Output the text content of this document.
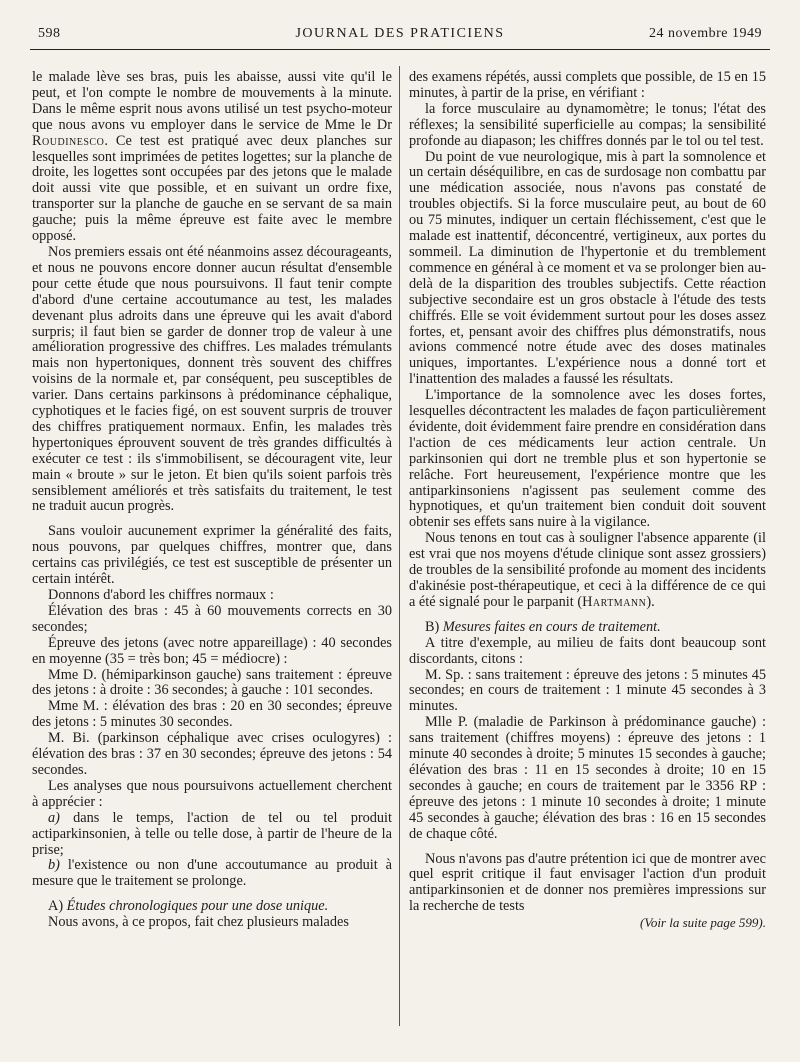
598	JOURNAL DES PRATICIENS	24 novembre 1949

le malade lève ses bras, puis les abaisse, aussi vite qu'il le peut, et l'on compte le nombre de mouvements à la minute. Dans le même esprit nous avons utilisé un test psycho-moteur que nous avons vu employer dans le service de Mme le Dr Roudinesco. Ce test est pratiqué avec deux planches sur lesquelles sont imprimées de petites logettes; sur la planche de droite, les logettes sont occupées par des jetons que le malade doit aussi vite que possible, et en suivant un ordre fixe, transporter sur la planche de gauche en se servant de sa main gauche; puis la même épreuve est faite avec le membre opposé.

Nos premiers essais ont été néanmoins assez décourageants, et nous ne pouvons encore donner aucun résultat d'ensemble pour cette étude que nous poursuivons. Il faut tenir compte d'abord d'une certaine accoutumance au test, les malades devenant plus adroits dans une épreuve qui les avait d'abord surpris; il faut bien se garder de donner trop de valeur à une amélioration progressive des chiffres. Les malades trémulants mais non hypertoniques, donnent très souvent des chiffres voisins de la normale et, par conséquent, peu susceptibles de varier. Dans certains parkinsons à prédominance céphalique, cyphotiques et le facies figé, on est souvent surpris de trouver des chiffres pratiquement normaux. Enfin, les malades très hypertoniques éprouvent souvent de très grandes difficultés à exécuter ce test : ils s'immobilisent, se découragent vite, leur main « broute » sur le jeton. Et bien qu'ils soient parfois très sensiblement améliorés et très satisfaits du traitement, le test ne traduit aucun progrès.

Sans vouloir aucunement exprimer la généralité des faits, nous pouvons, par quelques chiffres, montrer que, dans certains cas privilégiés, ce test est susceptible de présenter un certain intérêt.

Donnons d'abord les chiffres normaux :

Élévation des bras : 45 à 60 mouvements corrects en 30 secondes;

Épreuve des jetons (avec notre appareillage) : 40 secondes en moyenne (35 = très bon; 45 = médiocre) :

Mme D. (hémiparkinson gauche) sans traitement : épreuve des jetons : à droite : 36 secondes; à gauche : 101 secondes.

Mme M. : élévation des bras : 20 en 30 secondes; épreuve des jetons : 5 minutes 30 secondes.

M. Bi. (parkinson céphalique avec crises oculogyres) : élévation des bras : 37 en 30 secondes; épreuve des jetons : 54 secondes.

Les analyses que nous poursuivons actuellement cherchent à apprécier :

a) dans le temps, l'action de tel ou tel produit actiparkinsonien, à telle ou telle dose, à partir de l'heure de la prise;

b) l'existence ou non d'une accoutumance au produit à mesure que le traitement se prolonge.

A) Études chronologiques pour une dose unique.

Nous avons, à ce propos, fait chez plusieurs malades

des examens répétés, aussi complets que possible, de 15 en 15 minutes, à partir de la prise, en vérifiant :

la force musculaire au dynamomètre; le tonus; l'état des réflexes; la sensibilité superficielle au compas; la sensibilité profonde au diapason; les chiffres donnés par le tol ou tel test.

Du point de vue neurologique, mis à part la somnolence et un certain déséquilibre, en cas de surdosage non combattu par une médication associée, nous n'avons pas constaté de troubles objectifs. Si la force musculaire peut, au bout de 60 ou 75 minutes, indiquer un certain fléchissement, c'est que le malade est inattentif, déconcentré, vertigineux, aux portes du sommeil. La diminution de l'hypertonie et du tremblement commence en général à ce moment et va se prolonger bien au-delà de la disparition des troubles subjectifs. Cette réaction subjective secondaire est un gros obstacle à l'étude des tests chiffrés. Elle se voit évidemment surtout pour les doses assez fortes, et, pensant avoir des chiffres plus démonstratifs, nous avions commencé notre étude avec des doses matinales uniques, importantes. L'expérience nous a donné tort et l'inattention des malades a faussé les résultats.

L'importance de la somnolence avec les doses fortes, lesquelles décontractent les malades de façon particulièrement évidente, doit évidemment faire prendre en considération dans l'action de ces médicaments leur action centrale. Un parkinsonien qui dort ne tremble plus et son hypertonie se relâche. Fort heureusement, l'expérience montre que les antiparkinsoniens n'agissent pas seulement comme des hypnotiques, et qu'un traitement bien conduit doit souvent obtenir ses effets sans nuire à la vigilance.

Nous tenons en tout cas à souligner l'absence apparente (il est vrai que nos moyens d'étude clinique sont assez grossiers) de troubles de la sensibilité profonde au moment des incidents d'akinésie post-thérapeutique, et ceci à la différence de ce qui a été signalé pour le parpanit (Hartmann).

B) Mesures faites en cours de traitement.

A titre d'exemple, au milieu de faits dont beaucoup sont discordants, citons :

M. Sp. : sans traitement : épreuve des jetons : 5 minutes 45 secondes; en cours de traitement : 1 minute 45 secondes à 3 minutes.

Mlle P. (maladie de Parkinson à prédominance gauche) : sans traitement (chiffres moyens) : épreuve des jetons : 1 minute 40 secondes à droite; 5 minutes 15 secondes à gauche; élévation des bras : 11 en 15 secondes à droite; 10 en 15 secondes à gauche; en cours de traitement par le 3356 RP : épreuve des jetons : 1 minute 10 secondes à droite; 1 minute 45 secondes à gauche; élévation des bras : 16 en 15 secondes de chaque côté.

Nous n'avons pas d'autre prétention ici que de montrer avec quel esprit critique il faut envisager l'action d'un produit antiparkinsonien et de donner nos premières impressions sur la recherche de tests

(Voir la suite page 599).
